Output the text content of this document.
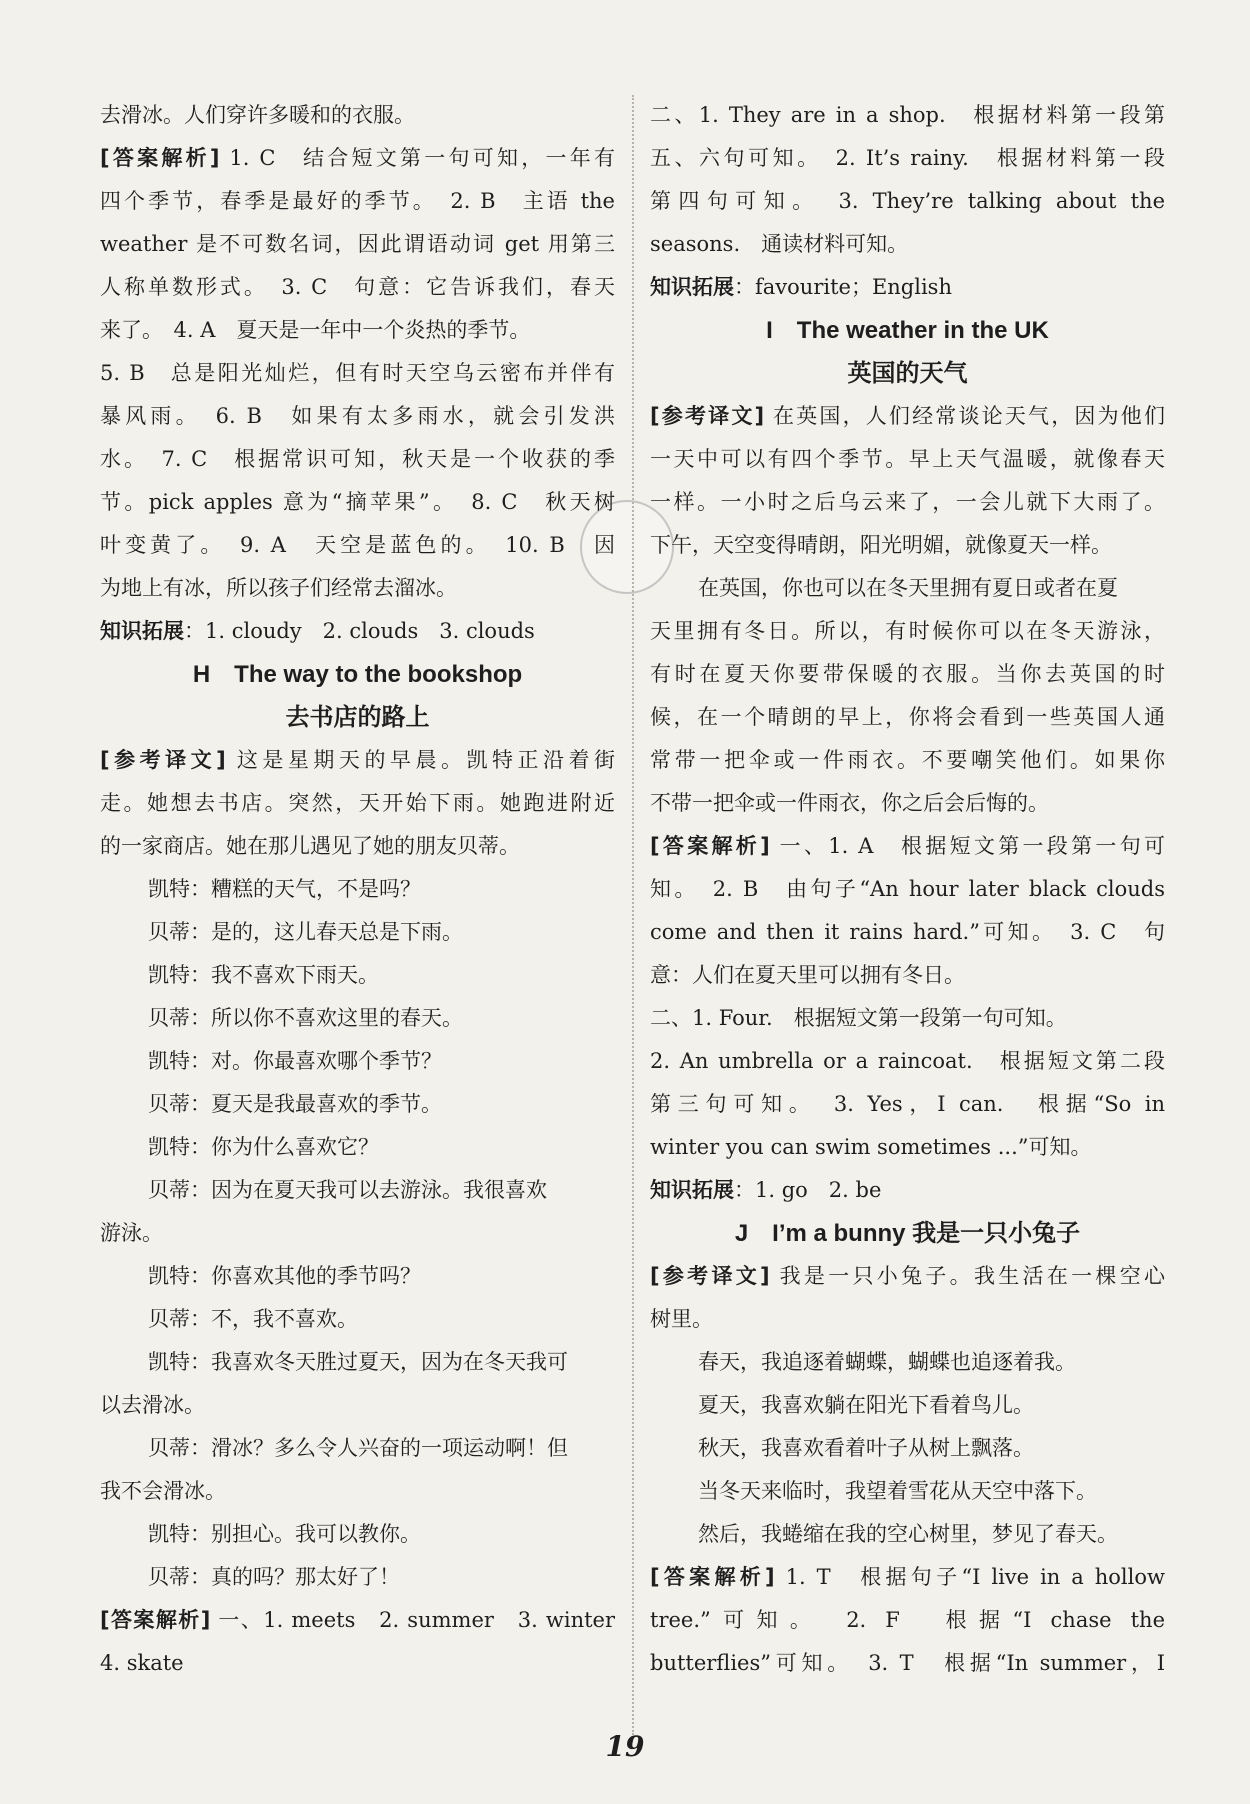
去滑冰。人们穿许多暖和的衣服。
[答案解析] 1. C　结合短文第一句可知，一年有
四个季节，春季是最好的季节。　2. B　主语 the
weather 是不可数名词，因此谓语动词 get 用第三
人称单数形式。　3. C　句意：它告诉我们，春天
来了。　4. A　夏天是一年中一个炎热的季节。
5. B　总是阳光灿烂，但有时天空乌云密布并伴有
暴风雨。　6. B　如果有太多雨水，就会引发洪
水。　7. C　根据常识可知，秋天是一个收获的季
节。pick apples 意为“摘苹果”。　8. C　秋天树
叶变黄了。　9. A　天空是蓝色的。　10. B　因
为地上有冰，所以孩子们经常去溜冰。
知识拓展：1. cloudy　2. clouds　3. clouds
H　The way to the bookshop
去书店的路上
[参考译文] 这是星期天的早晨。凯特正沿着街
走。她想去书店。突然，天开始下雨。她跑进附近
的一家商店。她在那儿遇见了她的朋友贝蒂。
凯特：糟糕的天气，不是吗？
贝蒂：是的，这儿春天总是下雨。
凯特：我不喜欢下雨天。
贝蒂：所以你不喜欢这里的春天。
凯特：对。你最喜欢哪个季节？
贝蒂：夏天是我最喜欢的季节。
凯特：你为什么喜欢它？
贝蒂：因为在夏天我可以去游泳。我很喜欢
游泳。
凯特：你喜欢其他的季节吗？
贝蒂：不，我不喜欢。
凯特：我喜欢冬天胜过夏天，因为在冬天我可
以去滑冰。
贝蒂：滑冰？多么令人兴奋的一项运动啊！但
我不会滑冰。
凯特：别担心。我可以教你。
贝蒂：真的吗？那太好了！
[答案解析] 一、1. meets　2. summer　3. winter
4. skate
二、1. They are in a shop.　根据材料第一段第
五、六句可知。　2. It’s rainy.　根据材料第一段
第四句可知。　3. They’re talking about the
seasons.　通读材料可知。
知识拓展：favourite；English
I　The weather in the UK
英国的天气
[参考译文] 在英国，人们经常谈论天气，因为他们
一天中可以有四个季节。早上天气温暖，就像春天
一样。一小时之后乌云来了，一会儿就下大雨了。
下午，天空变得晴朗，阳光明媚，就像夏天一样。
在英国，你也可以在冬天里拥有夏日或者在夏
天里拥有冬日。所以，有时候你可以在冬天游泳，
有时在夏天你要带保暖的衣服。当你去英国的时
候，在一个晴朗的早上，你将会看到一些英国人通
常带一把伞或一件雨衣。不要嘲笑他们。如果你
不带一把伞或一件雨衣，你之后会后悔的。
[答案解析] 一、1. A　根据短文第一段第一句可
知。　2. B　由句子“An hour later black clouds
come and then it rains hard.”可知。　3. C　句
意：人们在夏天里可以拥有冬日。
二、1. Four.　根据短文第一段第一句可知。
2. An umbrella or a raincoat.　根据短文第二段
第三句可知。　3. Yes，I can.　根据“So in
winter you can swim sometimes ...”可知。
知识拓展：1. go　2. be
J　I’m a bunny 我是一只小兔子
[参考译文] 我是一只小兔子。我生活在一棵空心
树里。
春天，我追逐着蝴蝶，蝴蝶也追逐着我。
夏天，我喜欢躺在阳光下看着鸟儿。
秋天，我喜欢看着叶子从树上飘落。
当冬天来临时，我望着雪花从天空中落下。
然后，我蜷缩在我的空心树里，梦见了春天。
[答案解析] 1. T　根据句子“I live in a hollow
tree.”可知。　2. F　根据“I chase the
butterflies”可知。　3. T　根据“In summer，I
19
